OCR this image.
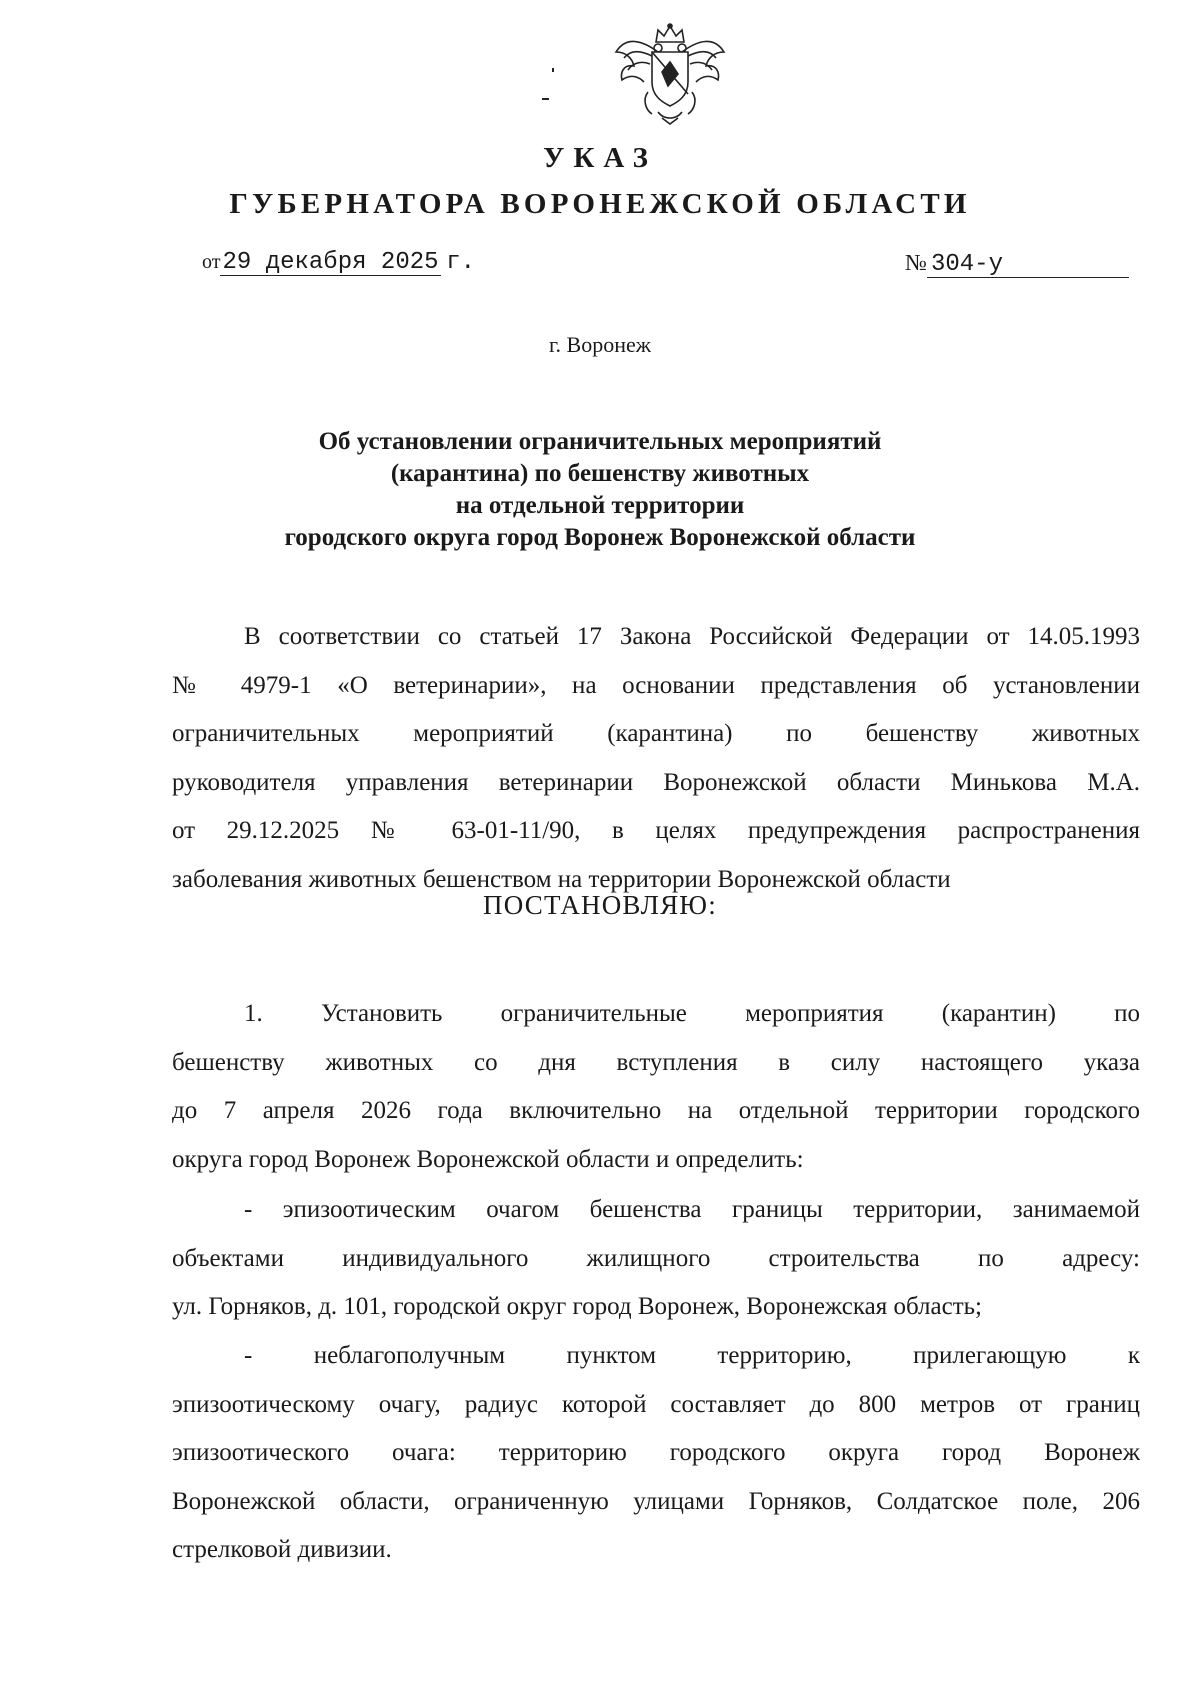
УКАЗ
ГУБЕРНАТОРА ВОРОНЕЖСКОЙ ОБЛАСТИ
от29 декабря 2025 г.	№ 304-у
г. Воронеж
Об установлении ограничительных мероприятий
(карантина) по бешенству животных
на отдельной территории
городского округа город Воронеж Воронежской области
В соответствии со статьей 17 Закона Российской Федерации от 14.05.1993
№ 4979-1 «О ветеринарии», на основании представления об установлении
ограничительных мероприятий (карантина) по бешенству животных
руководителя управления ветеринарии Воронежской области Минькова М.А.
от 29.12.2025 № 63-01-11/90, в целях предупреждения распространения
заболевания животных бешенством на территории Воронежской области
ПОСТАНОВЛЯЮ:
1. Установить ограничительные мероприятия (карантин) по
бешенству животных со дня вступления в силу настоящего указа
до 7 апреля 2026 года включительно на отдельной территории городского
округа город Воронеж Воронежской области и определить:
- эпизоотическим очагом бешенства границы территории, занимаемой
объектами индивидуального жилищного строительства по адресу:
ул. Горняков, д. 101, городской округ город Воронеж, Воронежская область;
- неблагополучным пунктом территорию, прилегающую к
эпизоотическому очагу, радиус которой составляет до 800 метров от границ
эпизоотического очага: территорию городского округа город Воронеж
Воронежской области, ограниченную улицами Горняков, Солдатское поле, 206
стрелковой дивизии.
